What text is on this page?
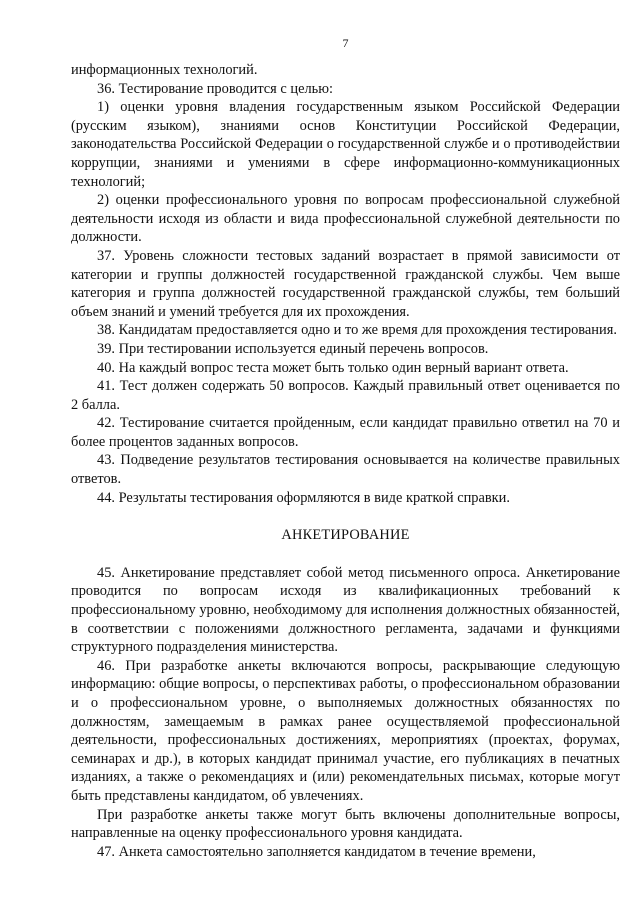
7

информационных технологий.

36. Тестирование проводится с целью:

1) оценки уровня владения государственным языком Российской Федерации (русским языком), знаниями основ Конституции Российской Федерации, законодательства Российской Федерации о государственной службе и о противодействии коррупции, знаниями и умениями в сфере информационно-коммуникационных технологий;

2) оценки профессионального уровня по вопросам профессиональной служебной деятельности исходя из области и вида профессиональной служебной деятельности по должности.

37. Уровень сложности тестовых заданий возрастает в прямой зависимости от категории и группы должностей государственной гражданской службы. Чем выше категория и группа должностей государственной гражданской службы, тем больший объем знаний и умений требуется для их прохождения.

38. Кандидатам предоставляется одно и то же время для прохождения тестирования.

39. При тестировании используется единый перечень вопросов.

40. На каждый вопрос теста может быть только один верный вариант ответа.

41. Тест должен содержать 50 вопросов. Каждый правильный ответ оценивается по 2 балла.

42. Тестирование считается пройденным, если кандидат правильно ответил на 70 и более процентов заданных вопросов.

43. Подведение результатов тестирования основывается на количестве правильных ответов.

44. Результаты тестирования оформляются в виде краткой справки.

АНКЕТИРОВАНИЕ

45. Анкетирование представляет собой метод письменного опроса. Анкетирование проводится по вопросам исходя из квалификационных требований к профессиональному уровню, необходимому для исполнения должностных обязанностей, в соответствии с положениями должностного регламента, задачами и функциями структурного подразделения министерства.

46. При разработке анкеты включаются вопросы, раскрывающие следующую информацию: общие вопросы, о перспективах работы, о профессиональном образовании и о профессиональном уровне, о выполняемых должностных обязанностях по должностям, замещаемым в рамках ранее осуществляемой профессиональной деятельности, профессиональных достижениях, мероприятиях (проектах, форумах, семинарах и др.), в которых кандидат принимал участие, его публикациях в печатных изданиях, а также о рекомендациях и (или) рекомендательных письмах, которые могут быть представлены кандидатом, об увлечениях.

При разработке анкеты также могут быть включены дополнительные вопросы, направленные на оценку профессионального уровня кандидата.

47. Анкета самостоятельно заполняется кандидатом в течение времени,
